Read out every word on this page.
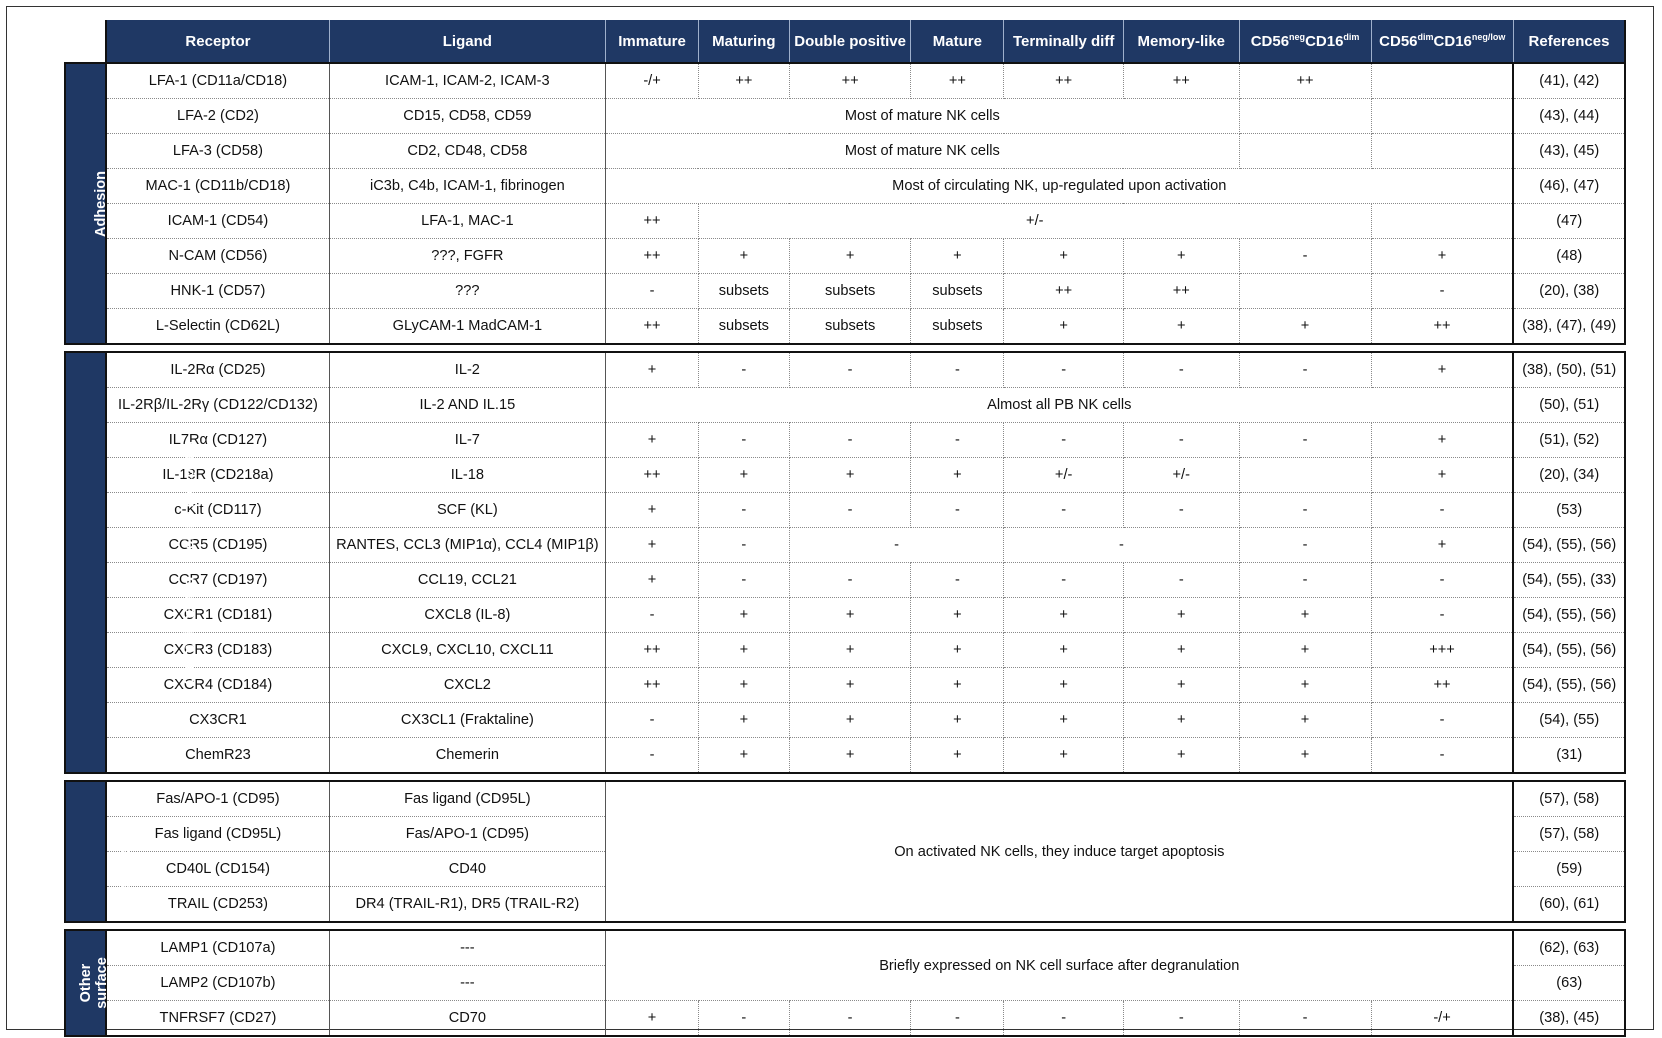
	Receptor	Ligand	Immature	Maturing	Double positive	Mature	Terminally diff	Memory-like	$CD56^{neg}CD16^{dim}$	$CD56^{dim}CD16^{neg/low}$	References
Adhesion	LFA-1 (CD11a/CD18)	ICAM-1, ICAM-2, ICAM-3	-/+	++	++	++	++	++	++		(41), (42)
	LFA-2 (CD2)	CD15, CD58, CD59	Most of mature NK cells								(43), (44)
	LFA-3 (CD58)	CD2, CD48, CD58	Most of mature NK cells								(43), (45)
	MAC-1 (CD11b/CD18)	iC3b, C4b, ICAM-1, fibrinogen	Most of circulating NK, up-regulated upon activation								(46), (47)
	ICAM-1 (CD54)	LFA-1, MAC-1	++	+/-							(47)
	N-CAM (CD56)	???, FGFR	++	+	+	+	+	+	-	+	(48)
	HNK-1 (CD57)	???	-	subsets	subsets	subsets	++	++		-	(20), (38)
	L-Selectin (CD62L)	GLyCAM-1 MadCAM-1	++	subsets	subsets	subsets	+	+	+	++	(38), (47), (49)

Chemokine and Cytokine receptors	IL-2Rα (CD25)	IL-2	+	-	-	-	-	-	-	+	(38), (50), (51)
	IL-2Rβ/IL-2Rγ (CD122/CD132)	IL-2 AND IL.15	Almost all PB NK cells								(50), (51)
	IL7Rα (CD127)	IL-7	+	-	-	-	-	-	-	+	(51), (52)
	IL-18R (CD218a)	IL-18	++	+	+	+	+/-	+/-		+	(20), (34)
	c-Kit (CD117)	SCF (KL)	+	-	-	-	-	-	-	-	(53)
	CCR5 (CD195)	RANTES, CCL3 (MIP1α), CCL4 (MIP1β)	+	-	-		-		-	+	(54), (55), (56)
	CCR7 (CD197)	CCL19, CCL21	+	-	-	-	-	-	-	-	(54), (55), (33)
	CXCR1 (CD181)	CXCL8 (IL-8)	-	+	+	+	+	+	+	-	(54), (55), (56)
	CXCR3 (CD183)	CXCL9, CXCL10, CXCL11	++	+	+	+	+	+	+	+++	(54), (55), (56)
	CXCR4 (CD184)	CXCL2	++	+	+	+	+	+	+	++	(54), (55), (56)
	CX3CR1	CX3CL1 (Fraktaline)	-	+	+	+	+	+	+	-	(54), (55)
	ChemR23	Chemerin	-	+	+	+	+	+	+	-	(31)

Death Receptors	Fas/APO-1 (CD95)	Fas ligand (CD95L)	On activated NK cells, they induce target apoptosis								(57), (58)
	Fas ligand (CD95L)	Fas/APO-1 (CD95)									(57), (58)
	CD40L (CD154)	CD40									(59)
	TRAIL (CD253)	DR4 (TRAIL-R1), DR5 (TRAIL-R2)									(60), (61)

Other
surface	LAMP1 (CD107a)	---	Briefly expressed on NK cell surface after degranulation								(62), (63)
	LAMP2 (CD107b)	---									(63)
	TNFRSF7 (CD27)	CD70	+	-	-	-	-	-	-	-/+	(38), (45)
